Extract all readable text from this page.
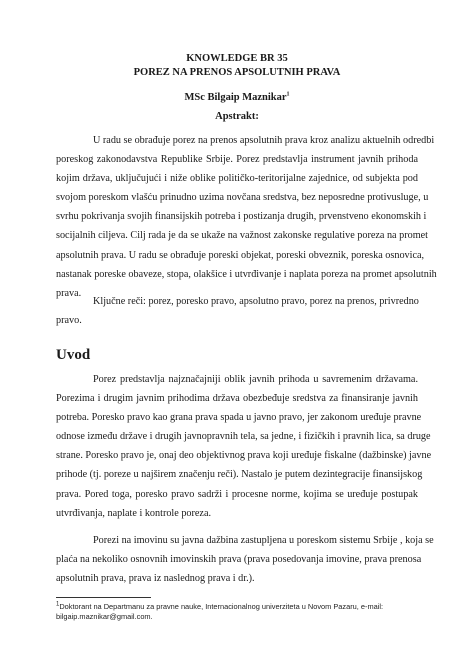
KNOWLEDGE BR 35
POREZ NA PRENOS APSOLUTNIH PRAVA
MSc Bilgaip Maznikar$^1$
Apstrakt:
U radu se obrađuje porez na prenos apsolutnih prava kroz analizu aktuelnih odredbi
poreskog zakonodavstva Republike Srbije. Porez predstavlja instrument javnih prihoda
kojim država, uključujući i niže oblike političko-teritorijalne zajednice, od subjekta pod
svojom poreskom vlašću prinudno uzima novčana sredstva, bez neposredne protivusluge, u
svrhu pokrivanja svojih finansijskih potreba i postizanja drugih, prvenstveno ekonomskih i
socijalnih ciljeva. Cilj rada je da se ukaže na važnost zakonske regulative poreza na promet
apsolutnih prava. U radu se obrađuje poreski objekat, poreski obveznik, poreska osnovica,
nastanak poreske obaveze, stopa, olakšice i utvrđivanje i naplata poreza na promet apsolutnih
prava.
Ključne reči: porez, poresko pravo, apsolutno pravo, porez na prenos, privredno
pravo.
Uvod
Porez predstavlja najznačajniji oblik javnih prihoda u savremenim državama.
Porezima i drugim javnim prihodima država obezbeđuje sredstva za finansiranje javnih
potreba. Poresko pravo kao grana prava spada u javno pravo, jer zakonom uređuje pravne
odnose između države i drugih javnopravnih tela, sa jedne, i fizičkih i pravnih lica, sa druge
strane. Poresko pravo je, onaj deo objektivnog prava koji uređuje fiskalne (dažbinske) javne
prihode (tj. poreze u najširem značenju reči). Nastalo je putem dezintegracije finansijskog
prava. Pored toga, poresko pravo sadrži i procesne norme, kojima se uređuje postupak
utvrđivanja, naplate i kontrole poreza.
Porezi na imovinu su javna dažbina zastupljena u poreskom sistemu Srbije , koja se
plaća na nekoliko osnovnih imovinskih prava (prava posedovanja imovine, prava prenosa
apsolutnih prava, prava iz naslednog prava i dr.).
$^1$Doktorant na Departmanu za pravne nauke, Internacionalnog univerziteta u Novom Pazaru, e-mail:
bilgaip.maznikar@gmail.com.
